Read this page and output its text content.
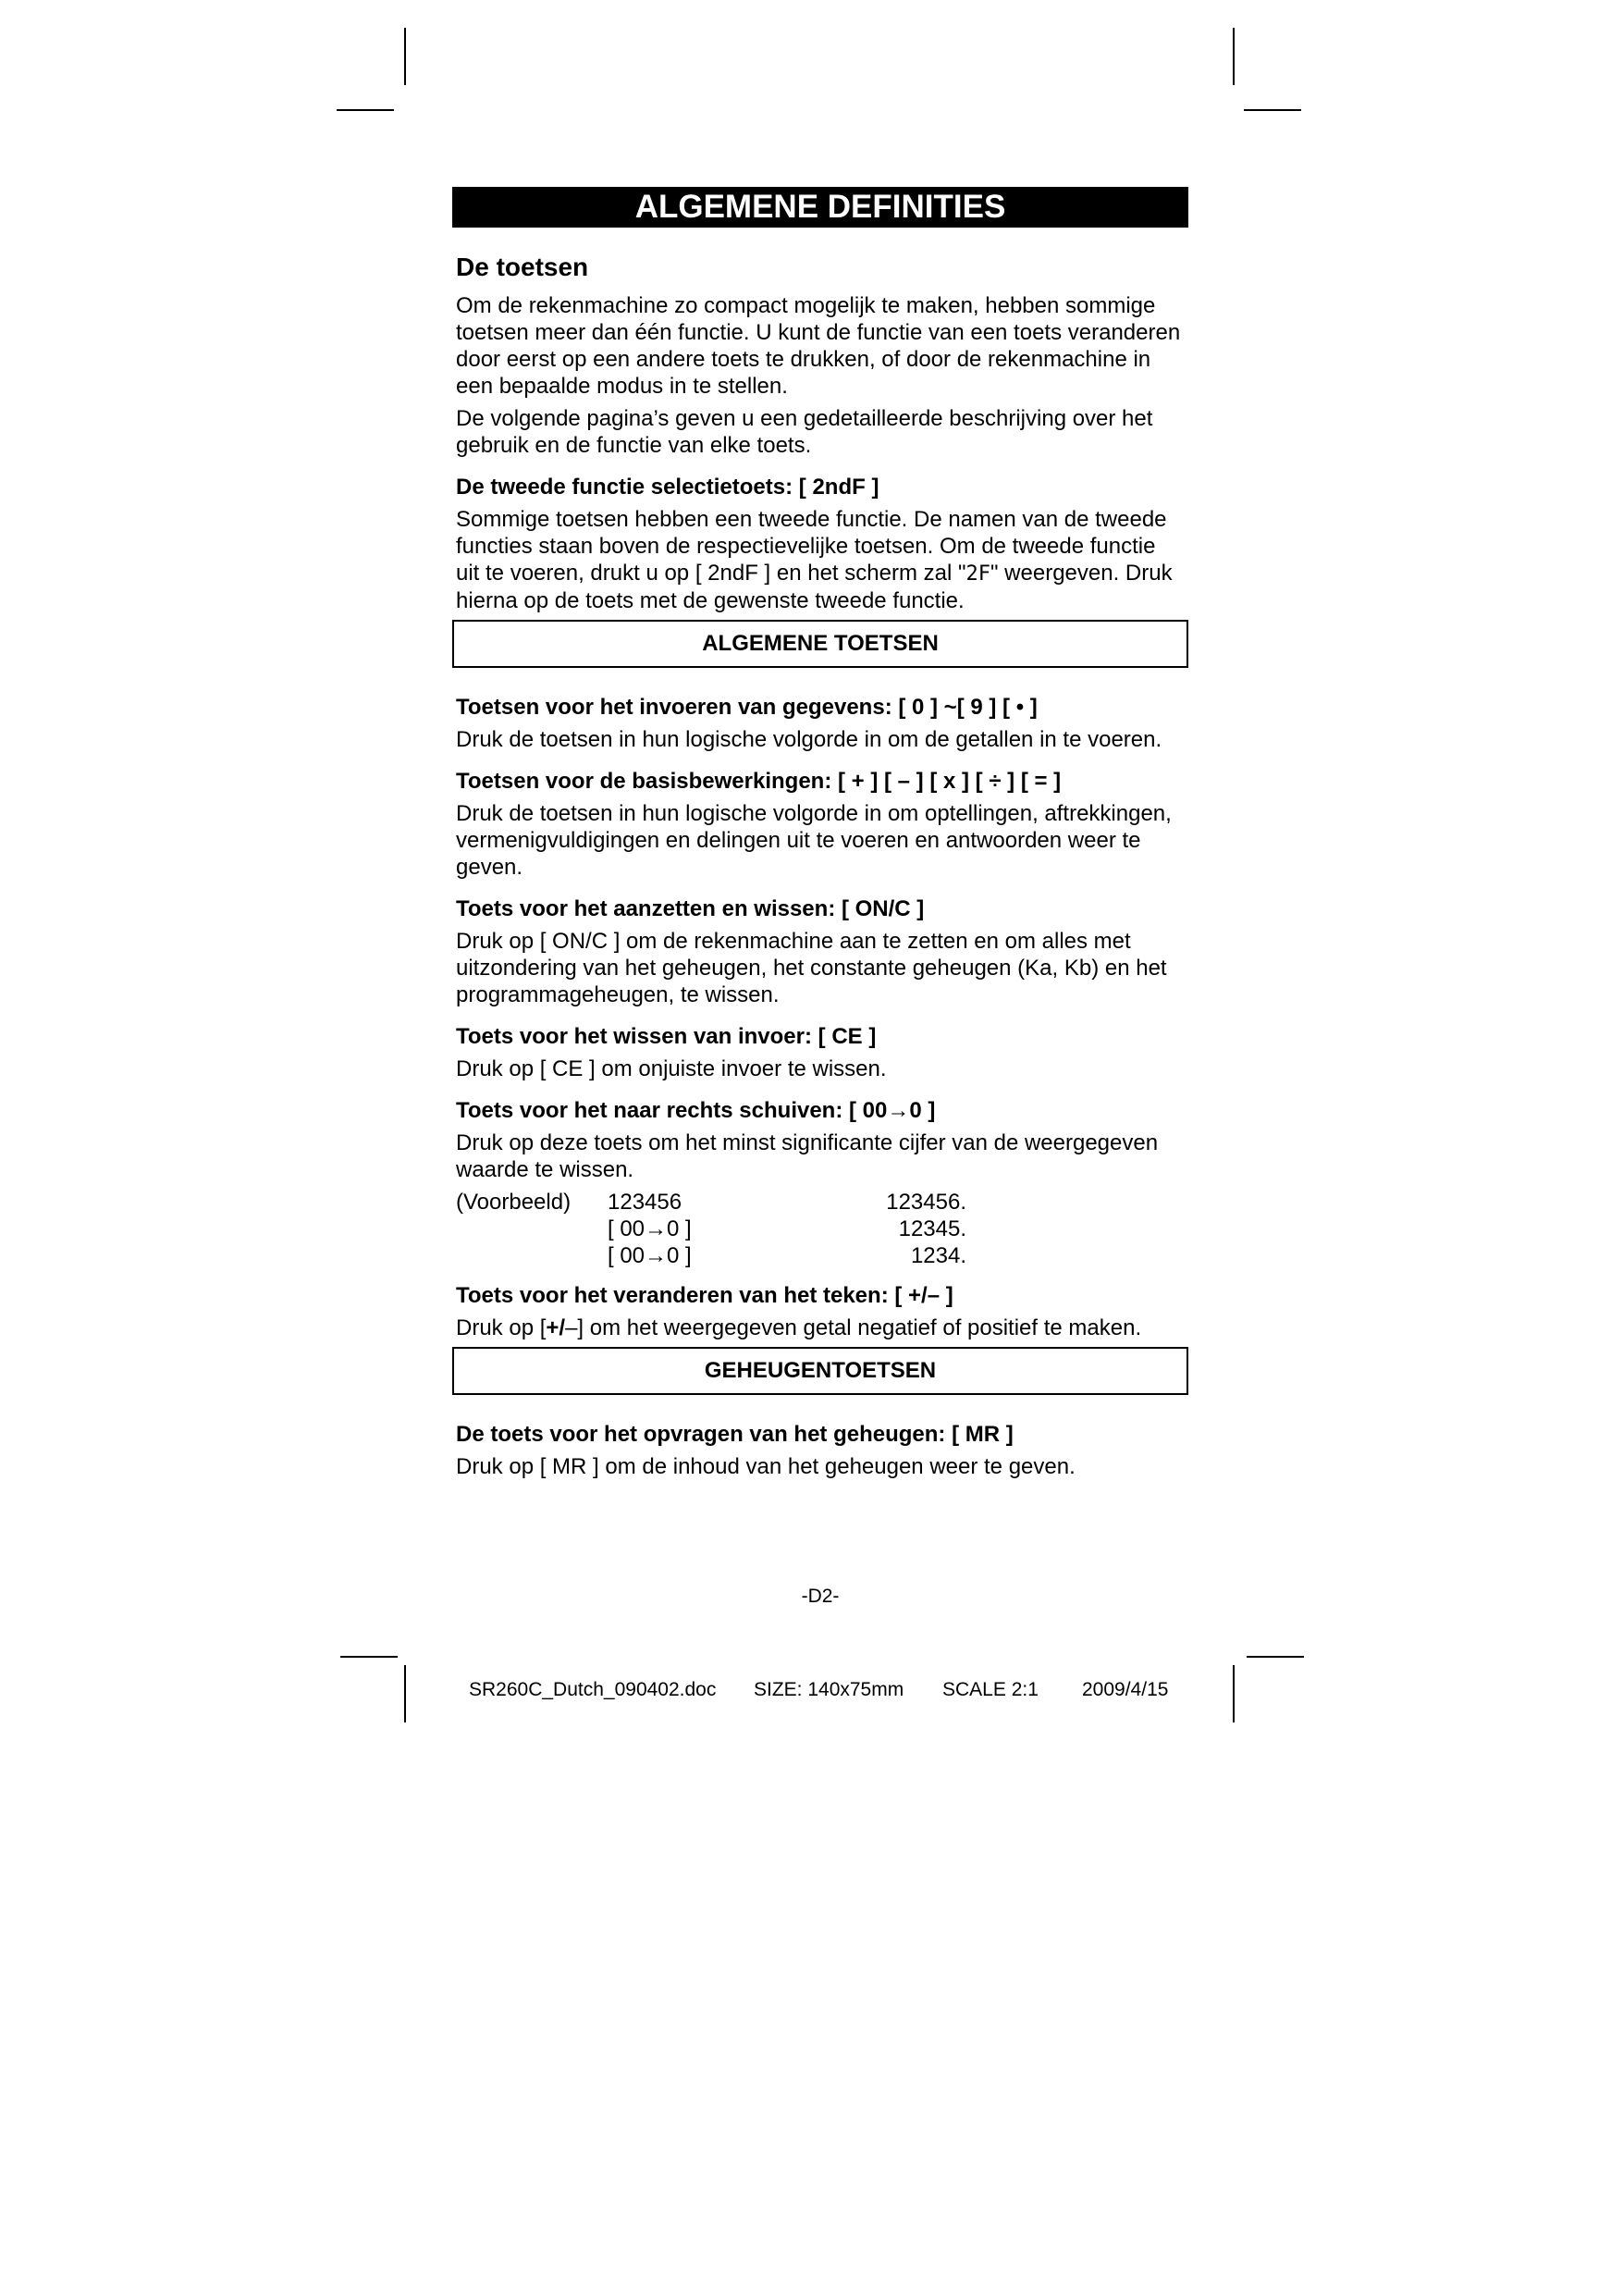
ALGEMENE DEFINITIES
De toetsen
Om de rekenmachine zo compact mogelijk te maken, hebben sommige toetsen meer dan één functie. U kunt de functie van een toets veranderen door eerst op een andere toets te drukken, of door de rekenmachine in een bepaalde modus in te stellen.
De volgende pagina’s geven u een gedetailleerde beschrijving over het gebruik en de functie van elke toets.
De tweede functie selectietoets: [ 2ndF ]
Sommige toetsen hebben een tweede functie. De namen van de tweede functies staan boven de respectievelijke toetsen. Om de tweede functie uit te voeren, drukt u op [ 2ndF ] en het scherm zal "2F" weergeven. Druk hierna op de toets met de gewenste tweede functie.
ALGEMENE TOETSEN
Toetsen voor het invoeren van gegevens: [ 0 ] ~[ 9 ] [ • ]
Druk de toetsen in hun logische volgorde in om de getallen in te voeren.
Toetsen voor de basisbewerkingen: [ + ] [ – ] [ x ] [ ÷ ] [ = ]
Druk de toetsen in hun logische volgorde in om optellingen, aftrekkingen, vermenigvuldigingen en delingen uit te voeren en antwoorden weer te geven.
Toets voor het aanzetten en wissen: [ ON/C ]
Druk op [ ON/C ] om de rekenmachine aan te zetten en om alles met uitzondering van het geheugen, het constante geheugen (Ka, Kb) en het programmageheugen, te wissen.
Toets voor het wissen van invoer: [ CE ]
Druk op [ CE ] om onjuiste invoer te wissen.
Toets voor het naar rechts schuiven: [ 00→0 ]
Druk op deze toets om het minst significante cijfer van de weergegeven waarde te wissen.
(Voorbeeld) 123456	123456.
[ 00→0 ]	12345.
[ 00→0 ]	1234.
Toets voor het veranderen van het teken: [ +/– ]
Druk op [+/–] om het weergegeven getal negatief of positief te maken.
GEHEUGENTOETSEN
De toets voor het opvragen van het geheugen: [ MR ]
Druk op [ MR ] om de inhoud van het geheugen weer te geven.
-D2-
SR260C_Dutch_090402.doc SIZE: 140x75mm SCALE 2:1 2009/4/15
